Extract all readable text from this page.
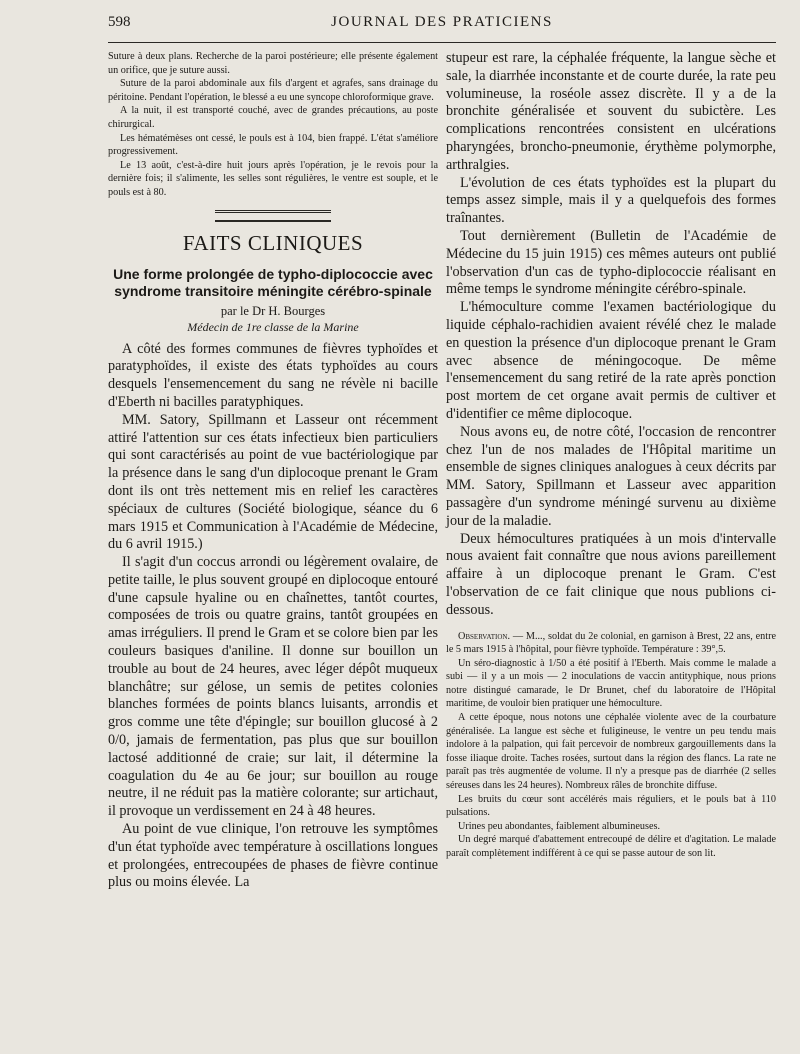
598	JOURNAL DES PRATICIENS

Suture à deux plans. Recherche de la paroi postérieure; elle présente également un orifice, que je suture aussi.

Suture de la paroi abdominale aux fils d'argent et agrafes, sans drainage du péritoine. Pendant l'opération, le blessé a eu une syncope chloroformique grave.

A la nuit, il est transporté couché, avec de grandes précautions, au poste chirurgical.

Les hématémèses ont cessé, le pouls est à 104, bien frappé. L'état s'améliore progressivement.

Le 13 août, c'est-à-dire huit jours après l'opération, je le revois pour la dernière fois; il s'alimente, les selles sont régulières, le ventre est souple, et le pouls est à 80.

FAITS CLINIQUES
Une forme prolongée de typho-diplococcie avec syndrome transitoire méningite cérébro-spinale
par le Dr H. Bourges
Médecin de 1re classe de la Marine

A côté des formes communes de fièvres typhoïdes et paratyphoïdes, il existe des états typhoïdes au cours desquels l'ensemencement du sang ne révèle ni bacille d'Eberth ni bacilles paratyphiques.

MM. Satory, Spillmann et Lasseur ont récemment attiré l'attention sur ces états infectieux bien particuliers qui sont caractérisés au point de vue bactériologique par la présence dans le sang d'un diplocoque prenant le Gram dont ils ont très nettement mis en relief les caractères spéciaux de cultures (Société biologique, séance du 6 mars 1915 et Communication à l'Académie de Médecine, du 6 avril 1915.)

Il s'agit d'un coccus arrondi ou légèrement ovalaire, de petite taille, le plus souvent groupé en diplocoque entouré d'une capsule hyaline ou en chaînettes, tantôt courtes, composées de trois ou quatre grains, tantôt groupées en amas irréguliers. Il prend le Gram et se colore bien par les couleurs basiques d'aniline. Il donne sur bouillon un trouble au bout de 24 heures, avec léger dépôt muqueux blanchâtre; sur gélose, un semis de petites colonies blanches formées de points blancs luisants, arrondis et gros comme une tête d'épingle; sur bouillon glucosé à 2 0/0, jamais de fermentation, pas plus que sur bouillon lactosé additionné de craie; sur lait, il détermine la coagulation du 4e au 6e jour; sur bouillon au rouge neutre, il ne réduit pas la matière colorante; sur artichaut, il provoque un verdissement en 24 à 48 heures.

Au point de vue clinique, l'on retrouve les symptômes d'un état typhoïde avec température à oscillations longues et prolongées, entrecoupées de phases de fièvre continue plus ou moins élevée. La

stupeur est rare, la céphalée fréquente, la langue sèche et sale, la diarrhée inconstante et de courte durée, la rate peu volumineuse, la roséole assez discrète. Il y a de la bronchite généralisée et souvent du subictère. Les complications rencontrées consistent en ulcérations pharyngées, broncho-pneumonie, érythème polymorphe, arthralgies.

L'évolution de ces états typhoïdes est la plupart du temps assez simple, mais il y a quelquefois des formes traînantes.

Tout dernièrement (Bulletin de l'Académie de Médecine du 15 juin 1915) ces mêmes auteurs ont publié l'observation d'un cas de typho-diplococcie réalisant en même temps le syndrome méningite cérébro-spinale.

L'hémoculture comme l'examen bactériologique du liquide céphalo-rachidien avaient révélé chez le malade en question la présence d'un diplocoque prenant le Gram avec absence de méningocoque. De même l'ensemencement du sang retiré de la rate après ponction post mortem de cet organe avait permis de cultiver et d'identifier ce même diplocoque.

Nous avons eu, de notre côté, l'occasion de rencontrer chez l'un de nos malades de l'Hôpital maritime un ensemble de signes cliniques analogues à ceux décrits par MM. Satory, Spillmann et Lasseur avec apparition passagère d'un syndrome méningé survenu au dixième jour de la maladie.

Deux hémocultures pratiquées à un mois d'intervalle nous avaient fait connaître que nous avions pareillement affaire à un diplocoque prenant le Gram. C'est l'observation de ce fait clinique que nous publions ci-dessous.

Observation. — M..., soldat du 2e colonial, en garnison à Brest, 22 ans, entre le 5 mars 1915 à l'hôpital, pour fièvre typhoïde. Température : 39°,5.

Un séro-diagnostic à 1/50 a été positif à l'Eberth. Mais comme le malade a subi — il y a un mois — 2 inoculations de vaccin antityphique, nous prions notre distingué camarade, le Dr Brunet, chef du laboratoire de l'Hôpital maritime, de vouloir bien pratiquer une hémoculture.

A cette époque, nous notons une céphalée violente avec de la courbature généralisée. La langue est sèche et fuligineuse, le ventre un peu tendu mais indolore à la palpation, qui fait percevoir de nombreux gargouillements dans la fosse iliaque droite. Taches rosées, surtout dans la région des flancs. La rate ne paraît pas très augmentée de volume. Il n'y a presque pas de diarrhée (2 selles séreuses dans les 24 heures). Nombreux râles de bronchite diffuse.

Les bruits du cœur sont accélérés mais réguliers, et le pouls bat à 110 pulsations.

Urines peu abondantes, faiblement albumineuses.

Un degré marqué d'abattement entrecoupé de délire et d'agitation. Le malade paraît complètement indifférent à ce qui se passe autour de son lit.
